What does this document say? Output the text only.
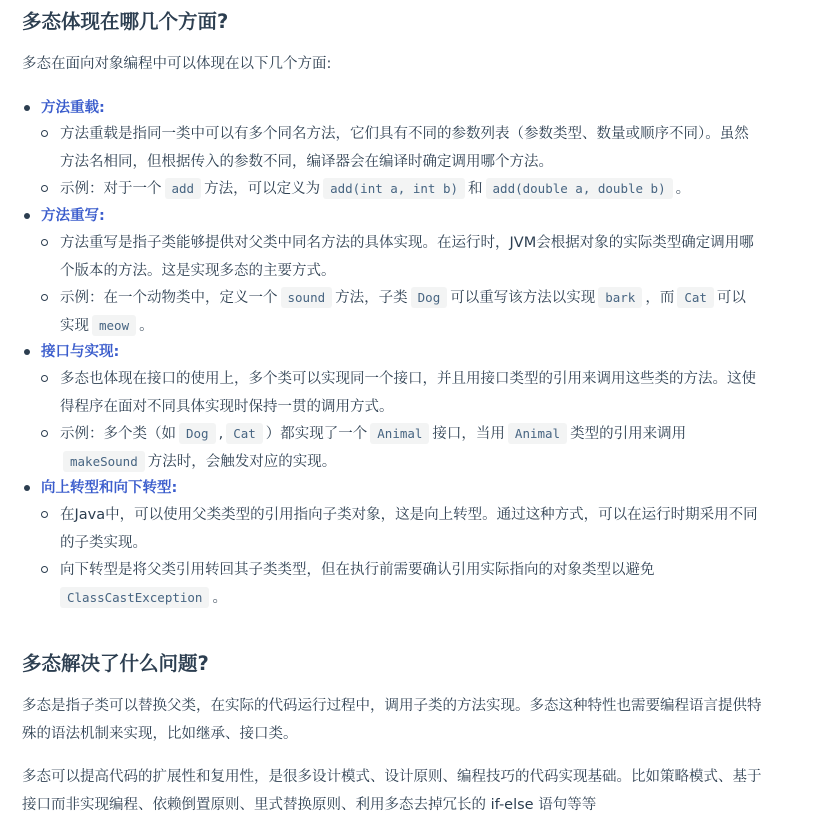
多态体现在哪几个方面?

多态在面向对象编程中可以体现在以下几个方面:

方法重载:
方法重载是指同一类中可以有多个同名方法，它们具有不同的参数列表（参数类型、数量或顺序不同）。虽然方法名相同，但根据传入的参数不同，编译器会在编译时确定调用哪个方法。
示例：对于一个 add 方法，可以定义为 add(int a, int b) 和 add(double a, double b) 。
方法重写:
方法重写是指子类能够提供对父类中同名方法的具体实现。在运行时，JVM会根据对象的实际类型确定调用哪个版本的方法。这是实现多态的主要方式。
示例：在一个动物类中，定义一个 sound 方法，子类 Dog 可以重写该方法以实现 bark ，而 Cat 可以实现 meow 。
接口与实现:
多态也体现在接口的使用上，多个类可以实现同一个接口，并且用接口类型的引用来调用这些类的方法。这使得程序在面对不同具体实现时保持一贯的调用方式。
示例：多个类（如 Dog , Cat ）都实现了一个 Animal 接口，当用 Animal 类型的引用来调用makeSound 方法时，会触发对应的实现。
向上转型和向下转型:
在Java中，可以使用父类类型的引用指向子类对象，这是向上转型。通过这种方式，可以在运行时期采用不同的子类实现。
向下转型是将父类引用转回其子类类型，但在执行前需要确认引用实际指向的对象类型以避免
ClassCastException 。
多态解决了什么问题?

多态是指子类可以替换父类，在实际的代码运行过程中，调用子类的方法实现。多态这种特性也需要编程语言提供特殊的语法机制来实现，比如继承、接口类。

多态可以提高代码的扩展性和复用性，是很多设计模式、设计原则、编程技巧的代码实现基础。比如策略模式、基于接口而非实现编程、依赖倒置原则、里式替换原则、利用多态去掉冗长的 if-else 语句等等
